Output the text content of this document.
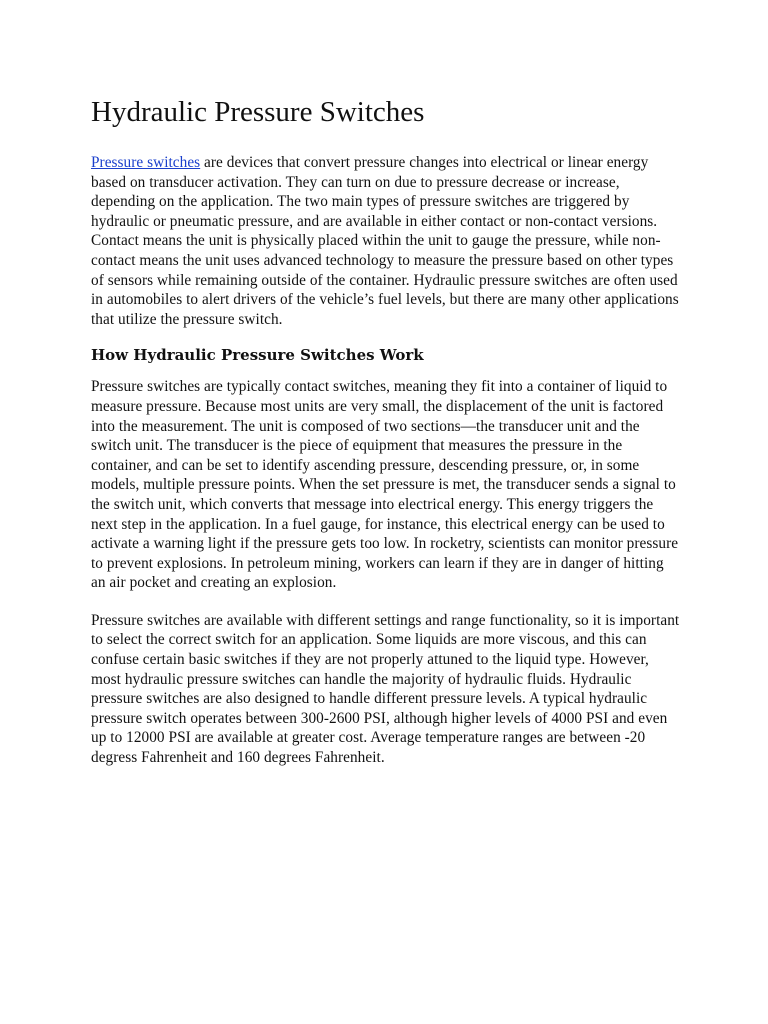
Hydraulic Pressure Switches

Pressure switches are devices that convert pressure changes into electrical or linear energy based on transducer activation. They can turn on due to pressure decrease or increase, depending on the application. The two main types of pressure switches are triggered by hydraulic or pneumatic pressure, and are available in either contact or non-contact versions. Contact means the unit is physically placed within the unit to gauge the pressure, while non-contact means the unit uses advanced technology to measure the pressure based on other types of sensors while remaining outside of the container. Hydraulic pressure switches are often used in automobiles to alert drivers of the vehicle’s fuel levels, but there are many other applications that utilize the pressure switch.

How Hydraulic Pressure Switches Work

Pressure switches are typically contact switches, meaning they fit into a container of liquid to measure pressure. Because most units are very small, the displacement of the unit is factored into the measurement. The unit is composed of two sections—the transducer unit and the switch unit. The transducer is the piece of equipment that measures the pressure in the container, and can be set to identify ascending pressure, descending pressure, or, in some models, multiple pressure points. When the set pressure is met, the transducer sends a signal to the switch unit, which converts that message into electrical energy. This energy triggers the next step in the application. In a fuel gauge, for instance, this electrical energy can be used to activate a warning light if the pressure gets too low. In rocketry, scientists can monitor pressure to prevent explosions. In petroleum mining, workers can learn if they are in danger of hitting an air pocket and creating an explosion.

Pressure switches are available with different settings and range functionality, so it is important to select the correct switch for an application. Some liquids are more viscous, and this can confuse certain basic switches if they are not properly attuned to the liquid type. However, most hydraulic pressure switches can handle the majority of hydraulic fluids. Hydraulic pressure switches are also designed to handle different pressure levels. A typical hydraulic pressure switch operates between 300-2600 PSI, although higher levels of 4000 PSI and even up to 12000 PSI are available at greater cost. Average temperature ranges are between -20 degress Fahrenheit and 160 degrees Fahrenheit.
